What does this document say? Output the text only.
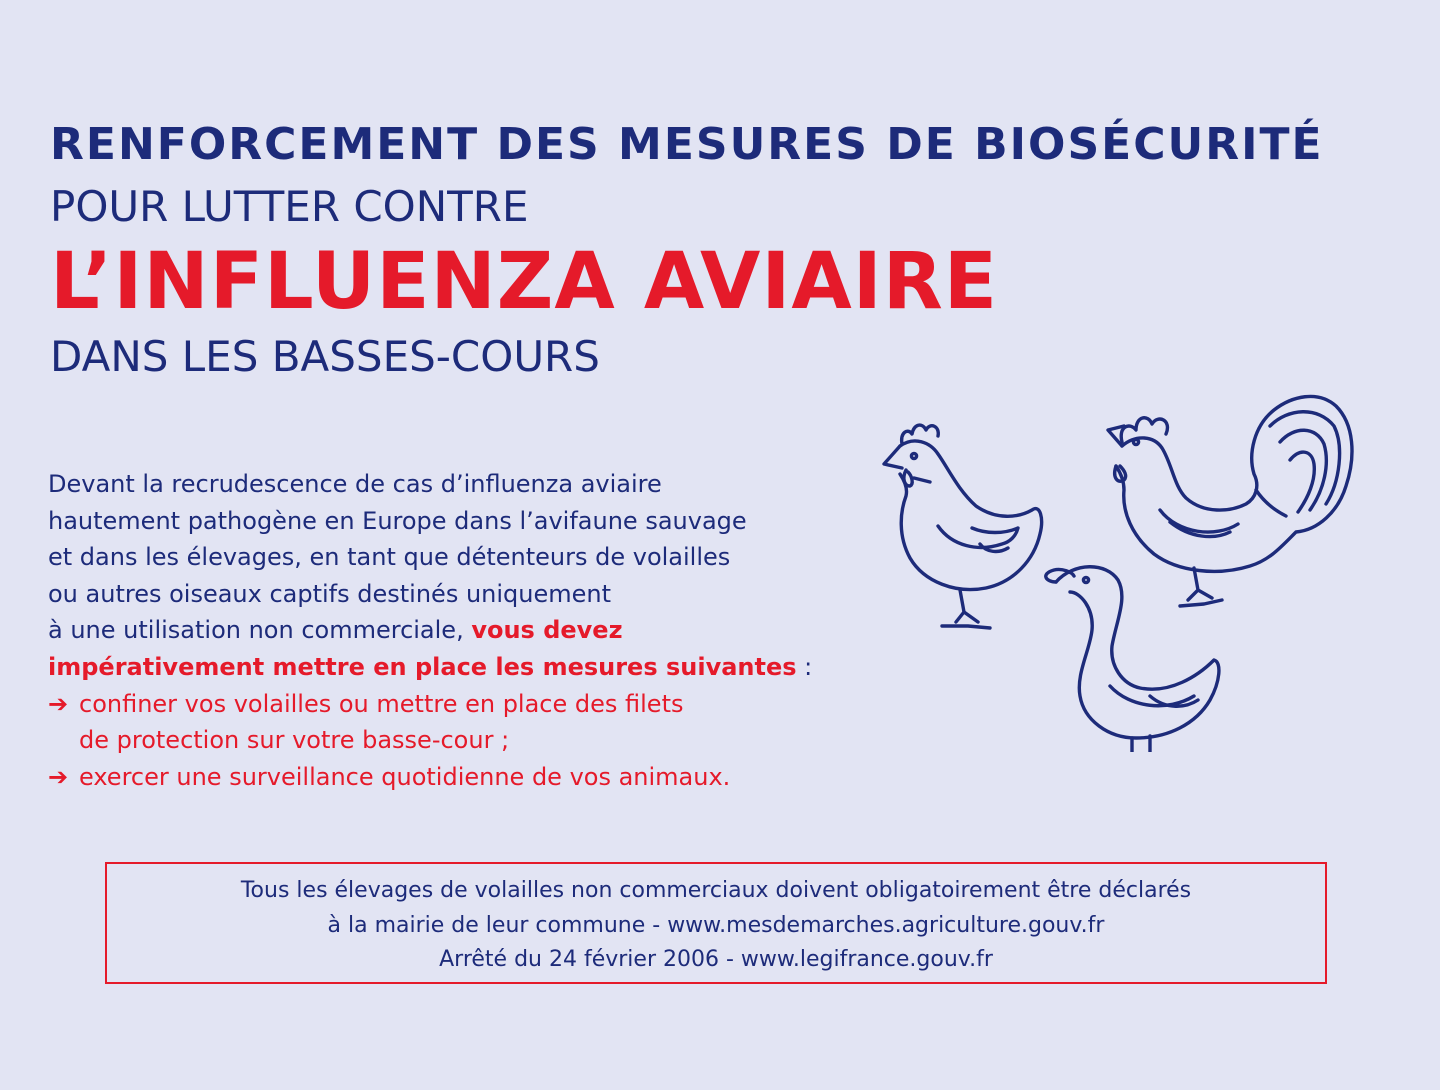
RENFORCEMENT DES MESURES DE BIOSÉCURITÉ
POUR LUTTER CONTRE
L’INFLUENZA AVIAIRE
DANS LES BASSES-COURS

Devant la recrudescence de cas d’influenza aviaire

hautement pathogène en Europe dans l’avifaune sauvage

et dans les élevages, en tant que détenteurs de volailles

ou autres oiseaux captifs destinés uniquement

à une utilisation non commerciale, vous devez

impérativement mettre en place les mesures suivantes :

➔ confiner vos volailles ou mettre en place des filets
de protection sur votre basse-cour ;
➔ exercer une surveillance quotidienne de vos animaux.

Tous les élevages de volailles non commerciaux doivent obligatoirement être déclarés

à la mairie de leur commune - www.mesdemarches.agriculture.gouv.fr

Arrêté du 24 février 2006 - www.legifrance.gouv.fr
